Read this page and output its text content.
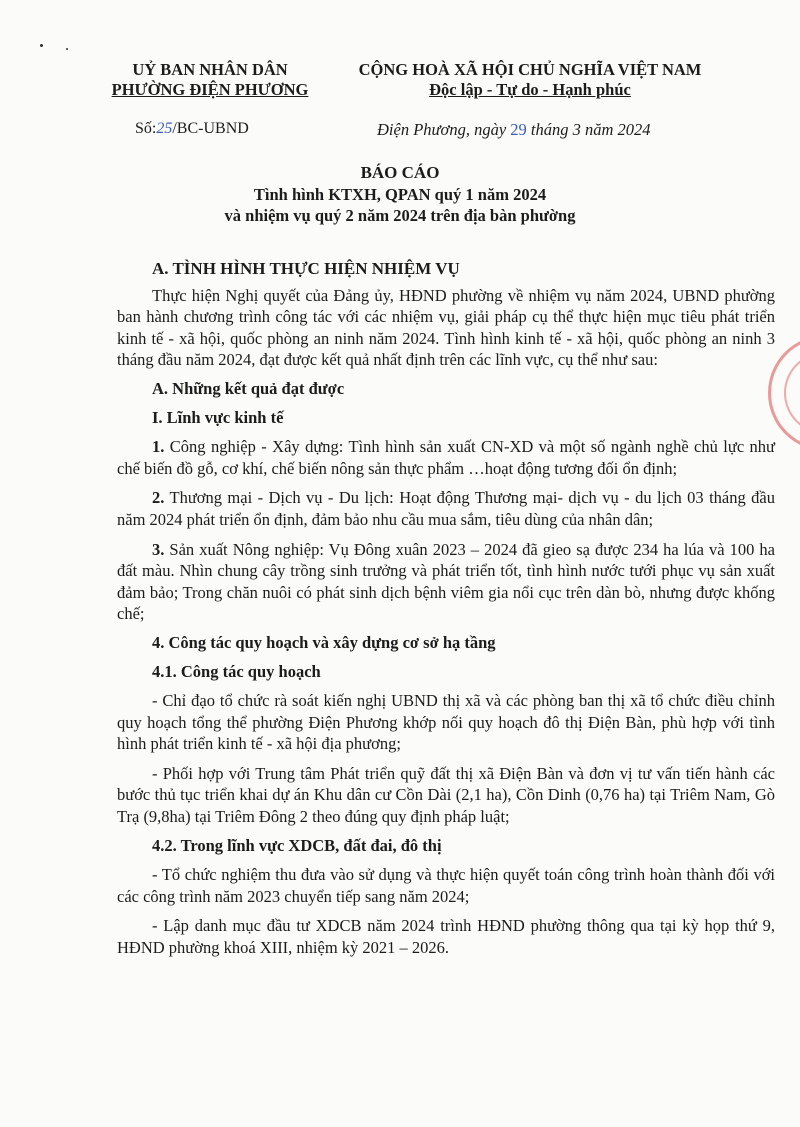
UỶ BAN NHÂN DÂN
PHƯỜNG ĐIỆN PHƯƠNG
CỘNG HOÀ XÃ HỘI CHỦ NGHĨA VIỆT NAM
Độc lập - Tự do - Hạnh phúc
Số:25/BC-UBND	Điện Phương, ngày 29 tháng 3 năm 2024
BÁO CÁO
Tình hình KTXH, QPAN quý 1 năm 2024
và nhiệm vụ quý 2 năm 2024 trên địa bàn phường

A. TÌNH HÌNH THỰC HIỆN NHIỆM VỤ

Thực hiện Nghị quyết của Đảng ủy, HĐND phường về nhiệm vụ năm 2024, UBND phường ban hành chương trình công tác với các nhiệm vụ, giải pháp cụ thể thực hiện mục tiêu phát triển kinh tế - xã hội, quốc phòng an ninh năm 2024. Tình hình kinh tế - xã hội, quốc phòng an ninh 3 tháng đầu năm 2024, đạt được kết quả nhất định trên các lĩnh vực, cụ thể như sau:

A. Những kết quả đạt được

I. Lĩnh vực kinh tế

1. Công nghiệp - Xây dựng: Tình hình sản xuất CN-XD và một số ngành nghề chủ lực như chế biến đồ gỗ, cơ khí, chế biến nông sản thực phẩm …hoạt động tương đối ổn định;

2. Thương mại - Dịch vụ - Du lịch: Hoạt động Thương mại- dịch vụ - du lịch 03 tháng đầu năm 2024 phát triển ổn định, đảm bảo nhu cầu mua sắm, tiêu dùng của nhân dân;

3. Sản xuất Nông nghiệp: Vụ Đông xuân 2023 – 2024 đã gieo sạ được 234 ha lúa và 100 ha đất màu. Nhìn chung cây trồng sinh trưởng và phát triển tốt, tình hình nước tưới phục vụ sản xuất đảm bảo; Trong chăn nuôi có phát sinh dịch bệnh viêm gia nổi cục trên dàn bò, nhưng được khống chế;

4. Công tác quy hoạch và xây dựng cơ sở hạ tầng

4.1. Công tác quy hoạch

- Chỉ đạo tổ chức rà soát kiến nghị UBND thị xã và các phòng ban thị xã tổ chức điều chỉnh quy hoạch tổng thể phường Điện Phương khớp nối quy hoạch đô thị Điện Bàn, phù hợp với tình hình phát triển kinh tế - xã hội địa phương;

- Phối hợp với Trung tâm Phát triển quỹ đất thị xã Điện Bàn và đơn vị tư vấn tiến hành các bước thủ tục triển khai dự án Khu dân cư Cồn Dài (2,1 ha), Cồn Dinh (0,76 ha) tại Triêm Nam, Gò Trạ (9,8ha) tại Triêm Đông 2 theo đúng quy định pháp luật;

4.2. Trong lĩnh vực XDCB, đất đai, đô thị

- Tổ chức nghiệm thu đưa vào sử dụng và thực hiện quyết toán công trình hoàn thành đối với các công trình năm 2023 chuyển tiếp sang năm 2024;

- Lập danh mục đầu tư XDCB năm 2024 trình HĐND phường thông qua tại kỳ họp thứ 9, HĐND phường khoá XIII, nhiệm kỳ 2021 – 2026.
